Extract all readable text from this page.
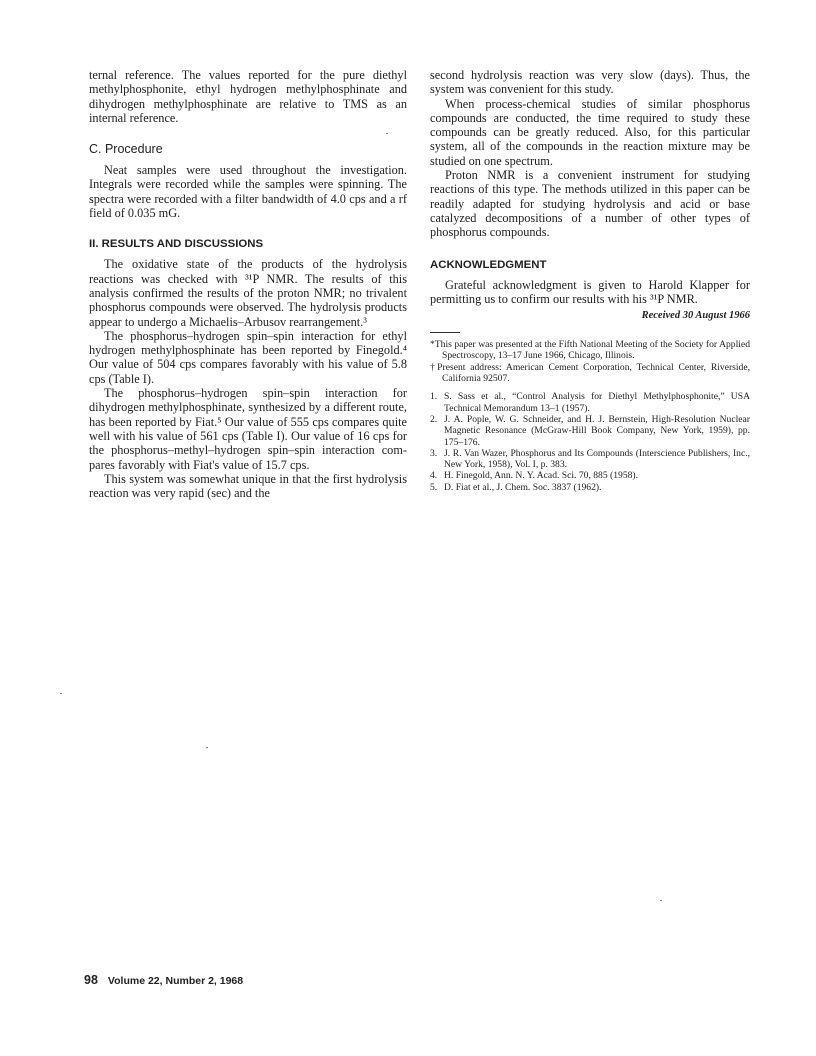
ternal reference. The values reported for the pure diethyl methylphosphonite, ethyl hydrogen methylphosphinate and dihydrogen methylphosphinate are relative to TMS as an internal reference.

C. Procedure

Neat samples were used throughout the investigation. Integrals were recorded while the samples were spinning. The spectra were recorded with a filter bandwidth of 4.0 cps and a rf field of 0.035 mG.

II. RESULTS AND DISCUSSIONS

The oxidative state of the products of the hydrolysis reactions was checked with ³¹P NMR. The results of this analysis confirmed the results of the proton NMR; no trivalent phosphorus compounds were observed. The hydrolysis products appear to undergo a Michaelis–Arbusov rearrangement.³

The phosphorus–hydrogen spin–spin interaction for ethyl hydrogen methylphosphinate has been reported by Finegold.⁴ Our value of 504 cps compares favorably with his value of 5.8 cps (Table I).

The phosphorus–hydrogen spin–spin interaction for dihydrogen methylphosphinate, synthesized by a different route, has been reported by Fiat.⁵ Our value of 555 cps compares quite well with his value of 561 cps (Table I). Our value of 16 cps for the phosphorus–methyl–hydrogen spin–spin interaction compares favorably with Fiat's value of 15.7 cps.

This system was somewhat unique in that the first hydrolysis reaction was very rapid (sec) and the

second hydrolysis reaction was very slow (days). Thus, the system was convenient for this study.

When process-chemical studies of similar phosphorus compounds are conducted, the time required to study these compounds can be greatly reduced. Also, for this particular system, all of the compounds in the reaction mixture may be studied on one spectrum.

Proton NMR is a convenient instrument for studying reactions of this type. The methods utilized in this paper can be readily adapted for studying hydrolysis and acid or base catalyzed decompositions of a number of other types of phosphorus compounds.

ACKNOWLEDGMENT

Grateful acknowledgment is given to Harold Klapper for permitting us to confirm our results with his ³¹P NMR.

Received 30 August 1966

*This paper was presented at the Fifth National Meeting of the Society for Applied Spectroscopy, 13–17 June 1966, Chicago, Illinois.

†Present address: American Cement Corporation, Technical Center, Riverside, California 92507.

1. S. Sass et al., “Control Analysis for Diethyl Methylphosphonite,” USA Technical Memorandum 13–1 (1957).
2. J. A. Pople, W. G. Schneider, and H. J. Bernstein, High-Resolution Nuclear Magnetic Resonance (McGraw-Hill Book Company, New York, 1959), pp. 175–176.
3. J. R. Van Wazer, Phosphorus and Its Compounds (Interscience Publishers, Inc., New York, 1958), Vol. I, p. 383.
4. H. Finegold, Ann. N. Y. Acad. Sci. 70, 885 (1958).
5. D. Fiat et al., J. Chem. Soc. 3837 (1962).
98 Volume 22, Number 2, 1968
